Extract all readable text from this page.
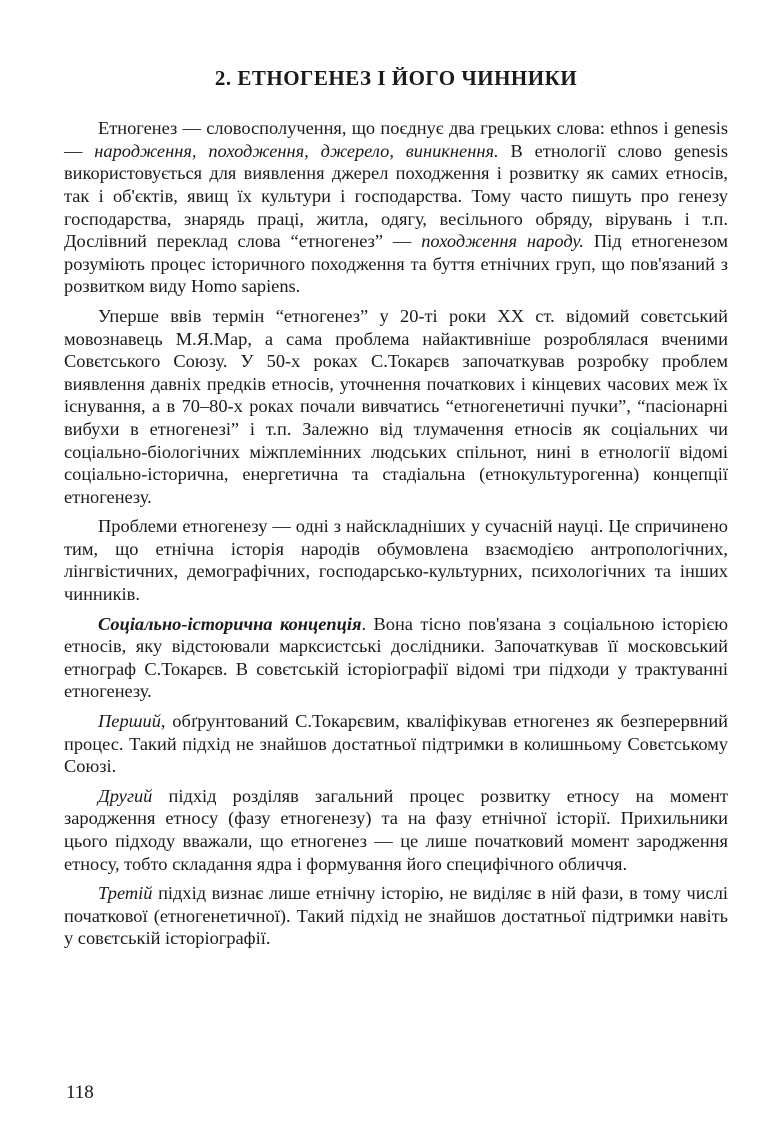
2. ЕТНОГЕНЕЗ І ЙОГО ЧИННИКИ

Етногенез — словосполучення, що поєднує два грецьких слова: ethnos і genesis — народження, походження, джерело, виникнення. В етнології слово genesis використовується для виявлення джерел походження і розвитку як самих етносів, так і об'єктів, явищ їх культури і господарства. Тому часто пишуть про генезу господарства, знарядь праці, житла, одягу, весільного обряду, вірувань і т.п. Дослівний переклад слова “етногенез” — походження народу. Під етногенезом розуміють процес історичного походження та буття етнічних груп, що пов'язаний з розвитком виду Homo sapiens.

Уперше ввів термін “етногенез” у 20-ті роки XX ст. відомий совєтський мовознавець М.Я.Мар, а сама проблема найактивніше розроблялася вченими Совєтського Союзу. У 50-х роках С.Токарєв започаткував розробку проблем виявлення давніх предків етносів, уточнення початкових і кінцевих часових меж їх існування, а в 70–80-х роках почали вивчатись “етногенетичні пучки”, “пасіонарні вибухи в етногенезі” і т.п. Залежно від тлумачення етносів як соціальних чи соціально-біологічних міжплемінних людських спільнот, нині в етнології відомі соціально-історична, енергетична та стадіальна (етнокультурогенна) концепції етногенезу.

Проблеми етногенезу — одні з найскладніших у сучасній науці. Це спричинено тим, що етнічна історія народів обумовлена взаємодією антропологічних, лінгвістичних, демографічних, господарсько-культурних, психологічних та інших чинників.

Соціально-історична концепція. Вона тісно пов'язана з соціальною історією етносів, яку відстоювали марксистські дослідники. Започаткував її московський етнограф С.Токарєв. В совєтській історіографії відомі три підходи у трактуванні етногенезу.

Перший, обґрунтований С.Токарєвим, кваліфікував етногенез як безперервний процес. Такий підхід не знайшов достатньої підтримки в колишньому Совєтському Союзі.

Другий підхід розділяв загальний процес розвитку етносу на момент зародження етносу (фазу етногенезу) та на фазу етнічної історії. Прихильники цього підходу вважали, що етногенез — це лише початковий момент зародження етносу, тобто складання ядра і формування його специфічного обличчя.

Третій підхід визнає лише етнічну історію, не виділяє в ній фази, в тому числі початкової (етногенетичної). Такий підхід не знайшов достатньої підтримки навіть у совєтській історіографії.

118
